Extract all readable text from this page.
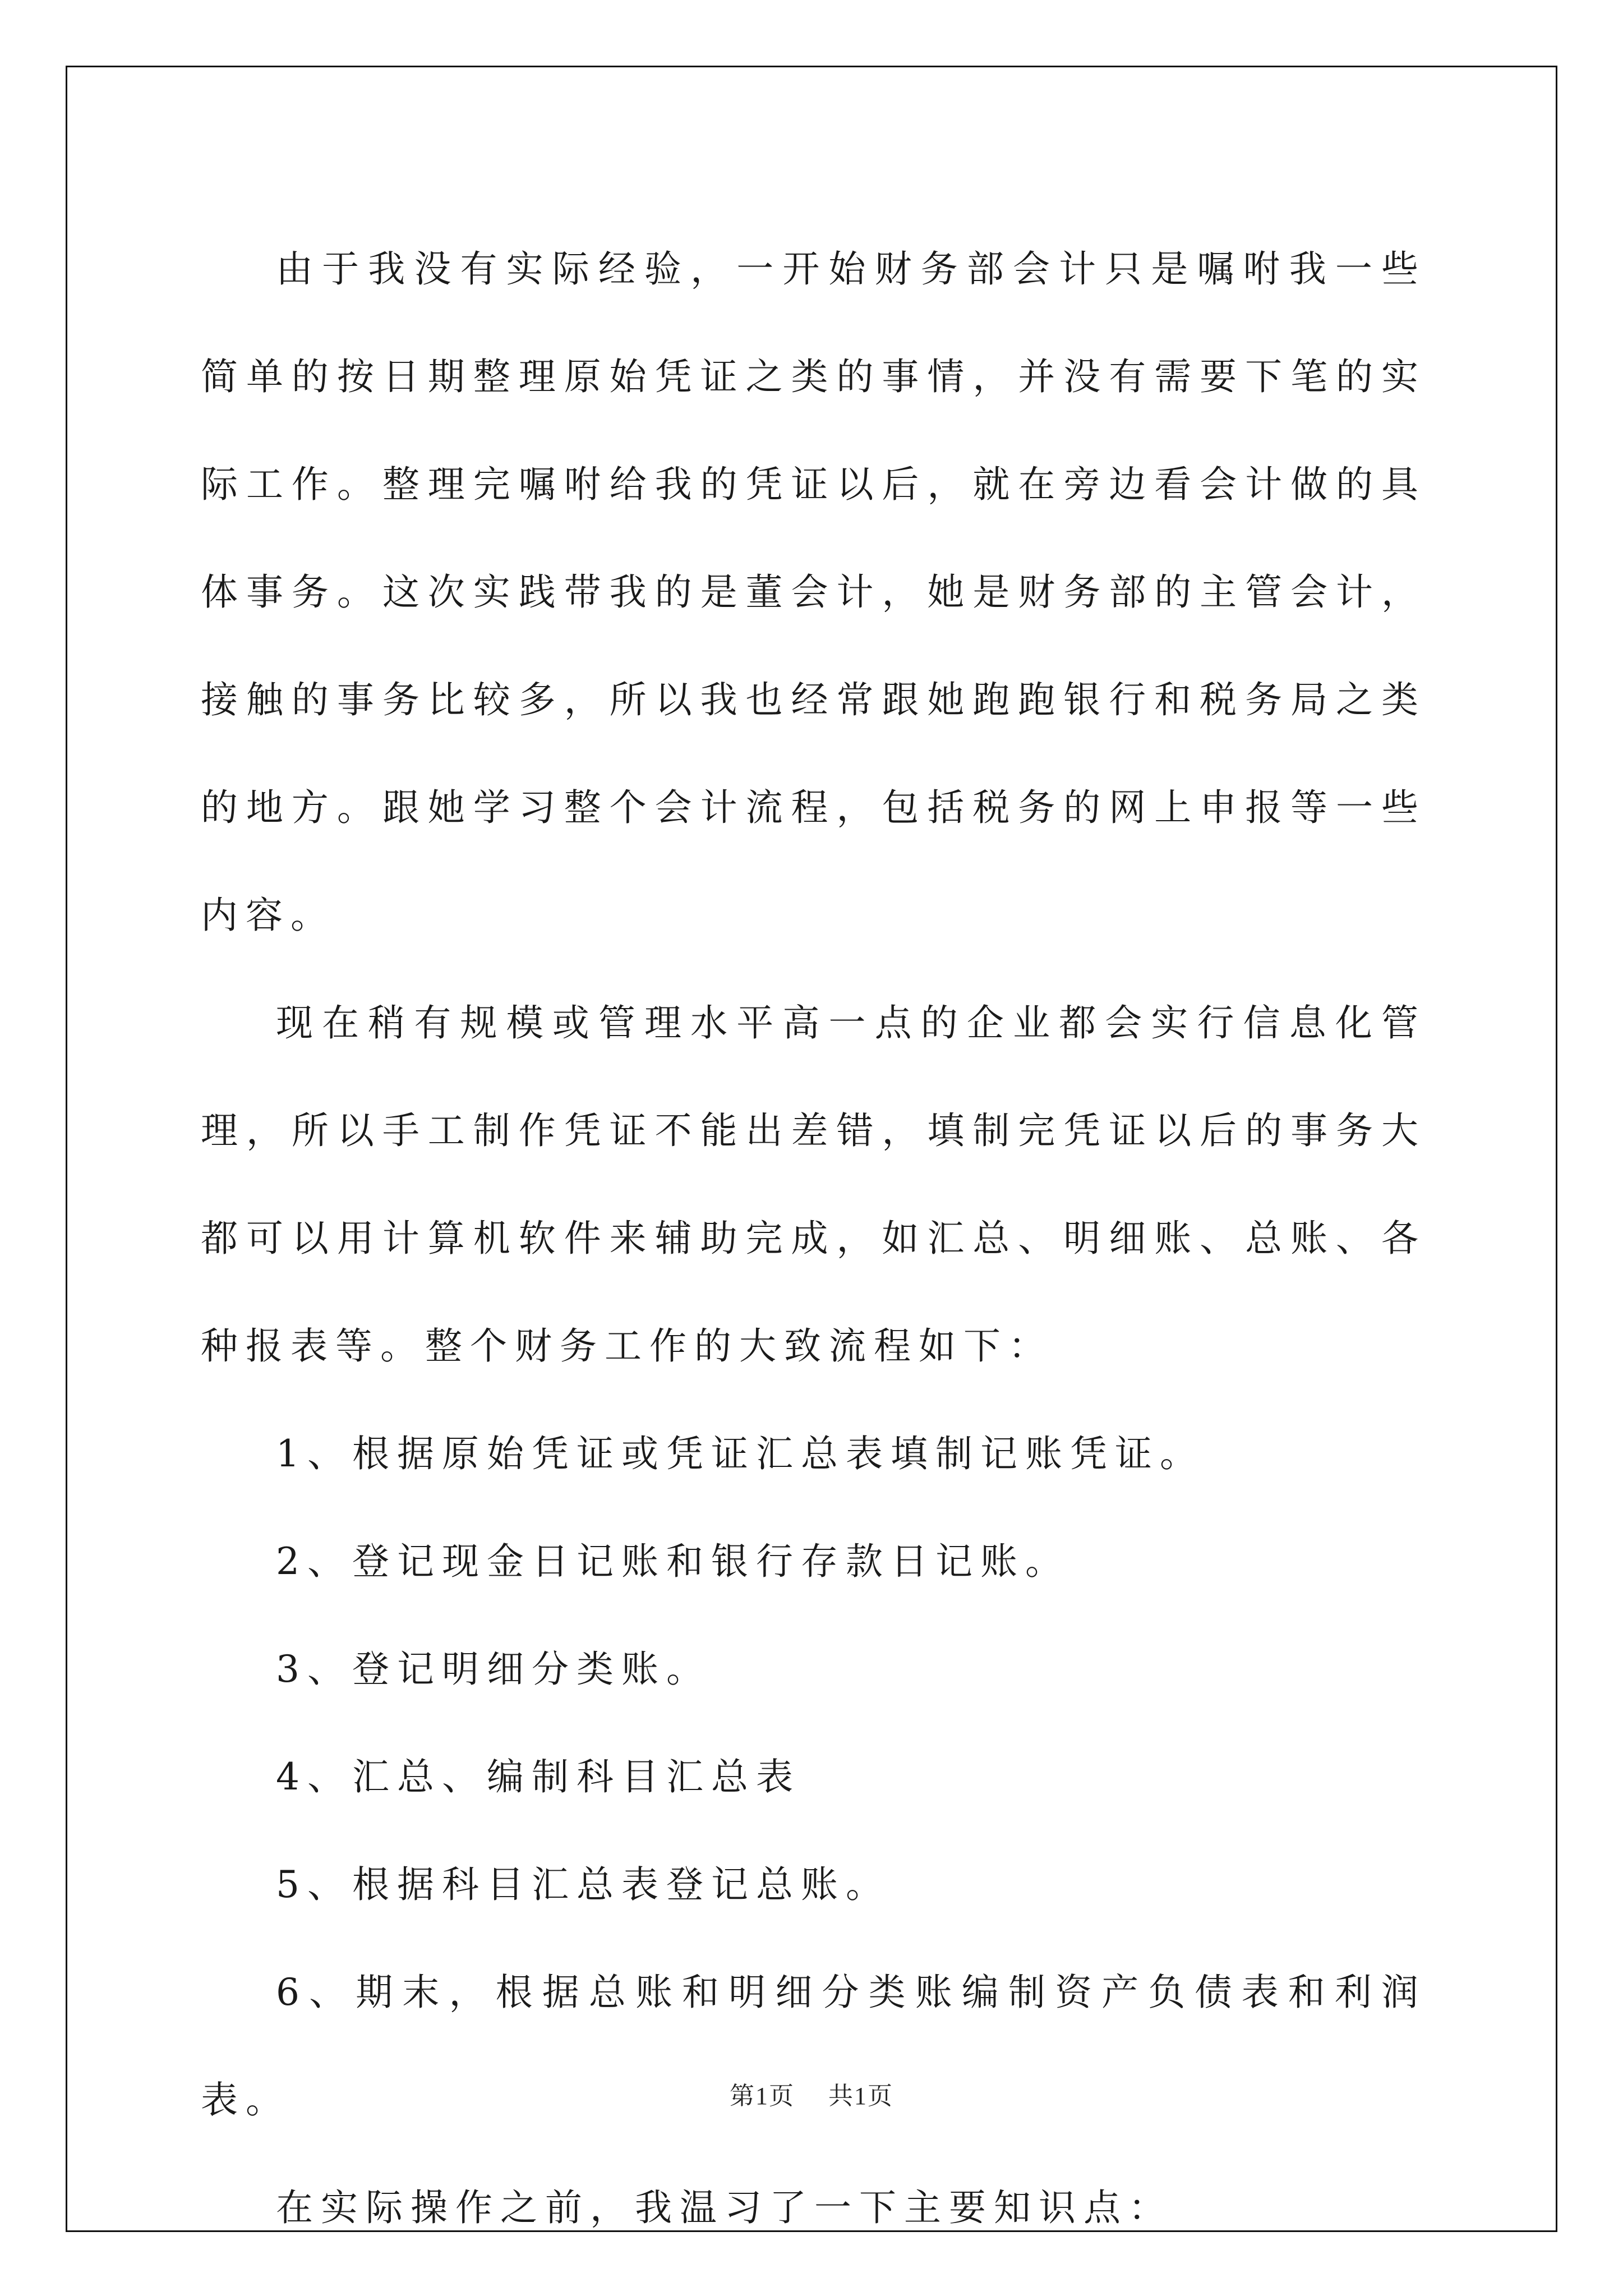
由于我没有实际经验，一开始财务部会计只是嘱咐我一些简单的按日期整理原始凭证之类的事情，并没有需要下笔的实际工作。整理完嘱咐给我的凭证以后，就在旁边看会计做的具体事务。这次实践带我的是董会计，她是财务部的主管会计，接触的事务比较多，所以我也经常跟她跑跑银行和税务局之类的地方。跟她学习整个会计流程，包括税务的网上申报等一些内容。

现在稍有规模或管理水平高一点的企业都会实行信息化管理，所以手工制作凭证不能出差错，填制完凭证以后的事务大都可以用计算机软件来辅助完成，如汇总、明细账、总账、各种报表等。整个财务工作的大致流程如下：

1、根据原始凭证或凭证汇总表填制记账凭证。

2、登记现金日记账和银行存款日记账。

3、登记明细分类账。

4、汇总、编制科目汇总表

5、根据科目汇总表登记总账。

6、期末，根据总账和明细分类账编制资产负债表和利润表。

在实际操作之前，我温习了一下主要知识点：

第1页 共1页
